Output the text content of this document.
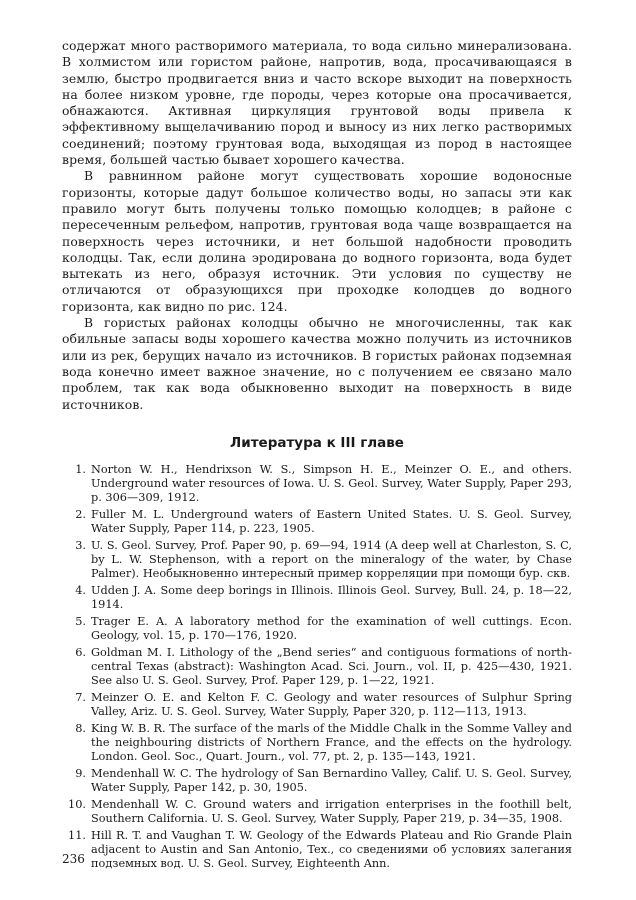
содержат много растворимого материала, то вода сильно минерализована. В холмистом или гористом районе, напротив, вода, просачивающаяся в землю, быстро продвигается вниз и часто вскоре выходит на поверхность на более низком уровне, где породы, через которые она просачивается, обнажаются. Активная циркуляция грунтовой воды привела к эффективному выщелачиванию пород и выносу из них легко растворимых соединений; поэтому грунтовая вода, выходящая из пород в настоящее время, большей частью бывает хорошего качества.

В равнинном районе могут существовать хорошие водоносные горизонты, которые дадут большое количество воды, но запасы эти как правило могут быть получены только помощью колодцев; в районе с пересеченным рельефом, напротив, грунтовая вода чаще возвращается на поверхность через источники, и нет большой надобности проводить колодцы. Так, если долина эродирована до водного горизонта, вода будет вытекать из него, образуя источник. Эти условия по существу не отличаются от образующихся при проходке колодцев до водного горизонта, как видно по рис. 124.

В гористых районах колодцы обычно не многочисленны, так как обильные запасы воды хорошего качества можно получить из источников или из рек, берущих начало из источников. В гористых районах подземная вода конечно имеет важное значение, но с получением ее связано мало проблем, так как вода обыкновенно выходит на поверхность в виде источников.

Литература к III главе
1. Norton W. H., Hendrixson W. S., Simpson H. E., Meinzer O. E., and others. Underground water resources of Iowa. U. S. Geol. Survey, Water Supply, Paper 293, p. 306—309, 1912.
2. Fuller M. L. Underground waters of Eastern United States. U. S. Geol. Survey, Water Supply, Paper 114, p. 223, 1905.
3. U. S. Geol. Survey, Prof. Paper 90, p. 69—94, 1914 (A deep well at Charleston, S. C, by L. W. Stephenson, with a report on the mineralogy of the water, by Chase Palmer). Необыкновенно интересный пример корреляции при помощи бур. скв.
4. Udden J. A. Some deep borings in Illinois. Illinois Geol. Survey, Bull. 24, p. 18—22, 1914.
5. Trager E. A. A laboratory method for the examination of well cuttings. Econ. Geology, vol. 15, p. 170—176, 1920.
6. Goldman M. I. Lithology of the „Bend series“ and contiguous formations of north-central Texas (abstract): Washington Acad. Sci. Journ., vol. II, p. 425—430, 1921. See also U. S. Geol. Survey, Prof. Paper 129, p. 1—22, 1921.
7. Meinzer O. E. and Kelton F. C. Geology and water resources of Sulphur Spring Valley, Ariz. U. S. Geol. Survey, Water Supply, Paper 320, p. 112—113, 1913.
8. King W. B. R. The surface of the marls of the Middle Chalk in the Somme Valley and the neighbouring districts of Northern France, and the effects on the hydrology. London. Geol. Soc., Quart. Journ., vol. 77, pt. 2, p. 135—143, 1921.
9. Mendenhall W. C. The hydrology of San Bernardino Valley, Calif. U. S. Geol. Survey, Water Supply, Paper 142, p. 30, 1905.
10. Mendenhall W. C. Ground waters and irrigation enterprises in the foothill belt, Southern California. U. S. Geol. Survey, Water Supply, Paper 219, p. 34—35, 1908.
11. Hill R. T. and Vaughan T. W. Geology of the Edwards Plateau and Rio Grande Plain adjacent to Austin and San Antonio, Tex., со сведениями об условиях залегания подземных вод. U. S. Geol. Survey, Eighteenth Ann.
236
